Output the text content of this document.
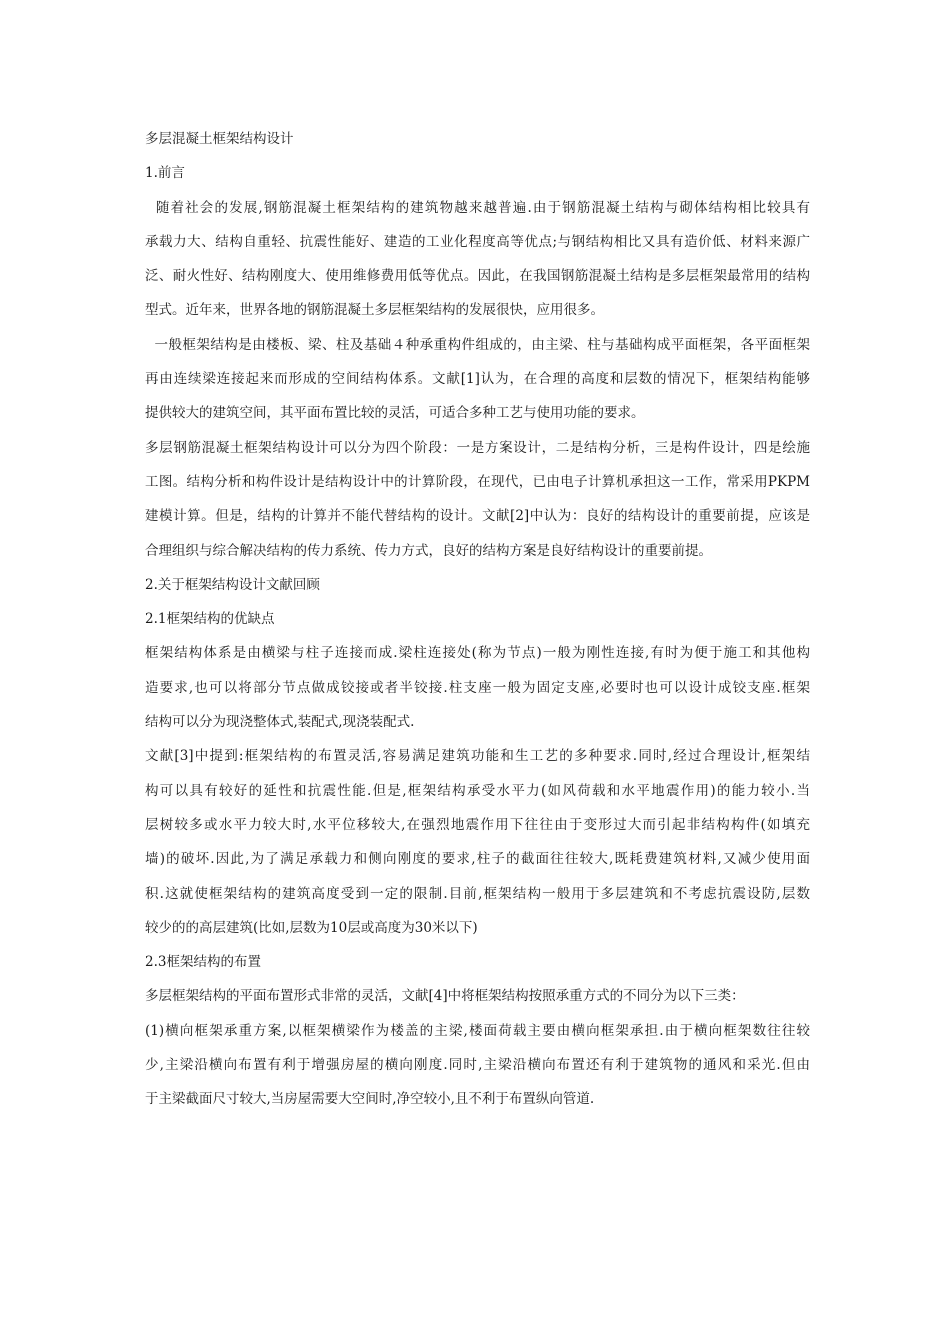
多层混凝土框架结构设计
1.前言
随着社会的发展,钢筋混凝土框架结构的建筑物越来越普遍.由于钢筋混凝土结构与砌体结构相比较具有
承载力大、结构自重轻、抗震性能好、建造的工业化程度高等优点;与钢结构相比又具有造价低、材料来源广
泛、耐火性好、结构刚度大、使用维修费用低等优点。因此，在我国钢筋混凝土结构是多层框架最常用的结构
型式。近年来，世界各地的钢筋混凝土多层框架结构的发展很快，应用很多。
一般框架结构是由楼板、梁、柱及基础４种承重构件组成的，由主梁、柱与基础构成平面框架，各平面框架
再由连续梁连接起来而形成的空间结构体系。文献[1]认为，在合理的高度和层数的情况下，框架结构能够
提供较大的建筑空间，其平面布置比较的灵活，可适合多种工艺与使用功能的要求。
多层钢筋混凝土框架结构设计可以分为四个阶段：一是方案设计，二是结构分析，三是构件设计，四是绘施
工图。结构分析和构件设计是结构设计中的计算阶段，在现代，已由电子计算机承担这一工作，常采用PKPM
建模计算。但是，结构的计算并不能代替结构的设计。文献[2]中认为：良好的结构设计的重要前提，应该是
合理组织与综合解决结构的传力系统、传力方式，良好的结构方案是良好结构设计的重要前提。
2.关于框架结构设计文献回顾
2.1框架结构的优缺点
框架结构体系是由横梁与柱子连接而成.梁柱连接处(称为节点)一般为刚性连接,有时为便于施工和其他构
造要求,也可以将部分节点做成铰接或者半铰接.柱支座一般为固定支座,必要时也可以设计成铰支座.框架
结构可以分为现浇整体式,装配式,现浇装配式.
文献[3]中提到:框架结构的布置灵活,容易满足建筑功能和生工艺的多种要求.同时,经过合理设计,框架结
构可以具有较好的延性和抗震性能.但是,框架结构承受水平力(如风荷载和水平地震作用)的能力较小.当
层树较多或水平力较大时,水平位移较大,在强烈地震作用下往往由于变形过大而引起非结构构件(如填充
墙)的破坏.因此,为了满足承载力和侧向刚度的要求,柱子的截面往往较大,既耗费建筑材料,又减少使用面
积.这就使框架结构的建筑高度受到一定的限制.目前,框架结构一般用于多层建筑和不考虑抗震设防,层数
较少的的高层建筑(比如,层数为10层或高度为30米以下)
2.3框架结构的布置
多层框架结构的平面布置形式非常的灵活，文献[4]中将框架结构按照承重方式的不同分为以下三类：
(1)横向框架承重方案,以框架横梁作为楼盖的主梁,楼面荷载主要由横向框架承担.由于横向框架数往往较
少,主梁沿横向布置有利于增强房屋的横向刚度.同时,主梁沿横向布置还有利于建筑物的通风和采光.但由
于主梁截面尺寸较大,当房屋需要大空间时,净空较小,且不利于布置纵向管道.
